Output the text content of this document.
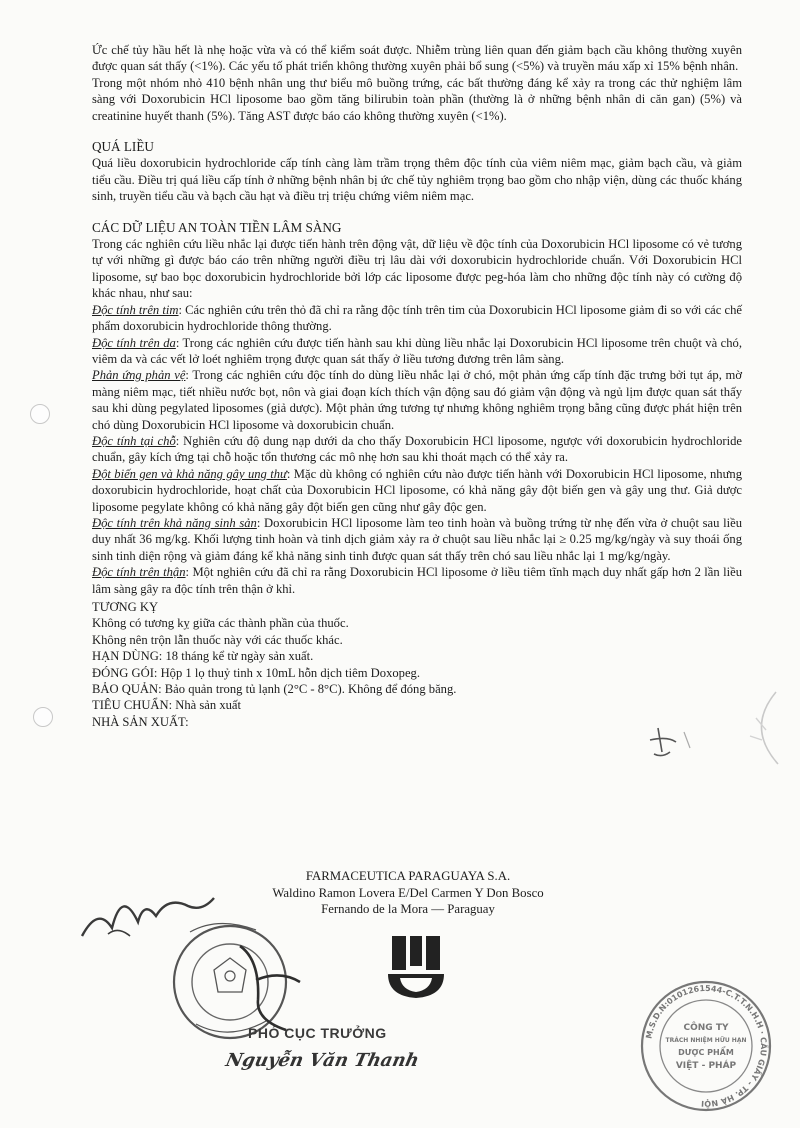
Ức chế tủy hầu hết là nhẹ hoặc vừa và có thể kiểm soát được. Nhiễm trùng liên quan đến giảm bạch cầu không thường xuyên được quan sát thấy (<1%). Các yếu tố phát triển không thường xuyên phải bổ sung (<5%) và truyền máu xấp xỉ 15% bệnh nhân.

Trong một nhóm nhỏ 410 bệnh nhân ung thư biểu mô buồng trứng, các bất thường đáng kể xảy ra trong các thử nghiệm lâm sàng với Doxorubicin HCl liposome bao gồm tăng bilirubin toàn phần (thường là ở những bệnh nhân di căn gan) (5%) và creatinine huyết thanh (5%). Tăng AST được báo cáo không thường xuyên (<1%).

QUÁ LIỀU

Quá liều doxorubicin hydrochloride cấp tính càng làm trầm trọng thêm độc tính của viêm niêm mạc, giảm bạch cầu, và giảm tiểu cầu. Điều trị quá liều cấp tính ở những bệnh nhân bị ức chế tủy nghiêm trọng bao gồm cho nhập viện, dùng các thuốc kháng sinh, truyền tiểu cầu và bạch cầu hạt và điều trị triệu chứng viêm niêm mạc.

CÁC DỮ LIỆU AN TOÀN TIỀN LÂM SÀNG

Trong các nghiên cứu liều nhắc lại được tiến hành trên động vật, dữ liệu về độc tính của Doxorubicin HCl liposome có vẻ tương tự với những gì được báo cáo trên những người điều trị lâu dài với doxorubicin hydrochloride chuẩn. Với Doxorubicin HCl liposome, sự bao bọc doxorubicin hydrochloride bởi lớp các liposome được peg-hóa làm cho những độc tính này có cường độ khác nhau, như sau:

Độc tính trên tim: Các nghiên cứu trên thỏ đã chỉ ra rằng độc tính trên tim của Doxorubicin HCl liposome giảm đi so với các chế phẩm doxorubicin hydrochloride thông thường.

Độc tính trên da: Trong các nghiên cứu được tiến hành sau khi dùng liều nhắc lại Doxorubicin HCl liposome trên chuột và chó, viêm da và các vết lở loét nghiêm trọng được quan sát thấy ở liều tương đương trên lâm sàng.

Phản ứng phản vệ: Trong các nghiên cứu độc tính do dùng liều nhắc lại ở chó, một phản ứng cấp tính đặc trưng bởi tụt áp, mờ màng niêm mạc, tiết nhiều nước bọt, nôn và giai đoạn kích thích vận động sau đó giảm vận động và ngủ lịm được quan sát thấy sau khi dùng pegylated liposomes (giả dược). Một phản ứng tương tự nhưng không nghiêm trọng bằng cũng được phát hiện trên chó dùng Doxorubicin HCl liposome và doxorubicin chuẩn.

Độc tính tại chỗ: Nghiên cứu độ dung nạp dưới da cho thấy Doxorubicin HCl liposome, ngược với doxorubicin hydrochloride chuẩn, gây kích ứng tại chỗ hoặc tổn thương các mô nhẹ hơn sau khi thoát mạch có thể xảy ra.

Đột biến gen và khả năng gây ung thư: Mặc dù không có nghiên cứu nào được tiến hành với Doxorubicin HCl liposome, nhưng doxorubicin hydrochloride, hoạt chất của Doxorubicin HCl liposome, có khả năng gây đột biến gen và gây ung thư. Giả dược liposome pegylate không có khả năng gây đột biến gen cũng như gây độc gen.

Độc tính trên khả năng sinh sản: Doxorubicin HCl liposome làm teo tinh hoàn và buồng trứng từ nhẹ đến vừa ở chuột sau liều duy nhất 36 mg/kg. Khối lượng tinh hoàn và tinh dịch giảm xảy ra ở chuột sau liều nhắc lại ≥ 0.25 mg/kg/ngày và suy thoái ống sinh tinh diện rộng và giảm đáng kể khả năng sinh tinh được quan sát thấy trên chó sau liều nhắc lại 1 mg/kg/ngày.

Độc tính trên thận: Một nghiên cứu đã chỉ ra rằng Doxorubicin HCl liposome ở liều tiêm tĩnh mạch duy nhất gấp hơn 2 lần liều lâm sàng gây ra độc tính trên thận ở khỉ.

TƯƠNG KỴ

Không có tương kỵ giữa các thành phần của thuốc.

Không nên trộn lẫn thuốc này với các thuốc khác.

HẠN DÙNG: 18 tháng kể từ ngày sản xuất.

ĐÓNG GÓI: Hộp 1 lọ thuỷ tinh x 10mL hỗn dịch tiêm Doxopeg.

BẢO QUẢN: Bảo quản trong tủ lạnh (2°C - 8°C). Không để đóng băng.

TIÊU CHUẨN: Nhà sản xuất

NHÀ SẢN XUẤT:

FARMACEUTICA PARAGUAYA S.A.
Waldino Ramon Lovera E/Del Carmen Y Don Bosco
Fernando de la Mora — Paraguay
PHÓ CỤC TRƯỞNG
Nguyễn Văn Thanh
M.S.D.N:0101261544-C.T.T.N.H.H · CẦU GIẤY - TP. HÀ NỘI
CÔNG TY
TRÁCH NHIỆM HỮU HẠN
DƯỢC PHẨM
VIỆT - PHÁP
